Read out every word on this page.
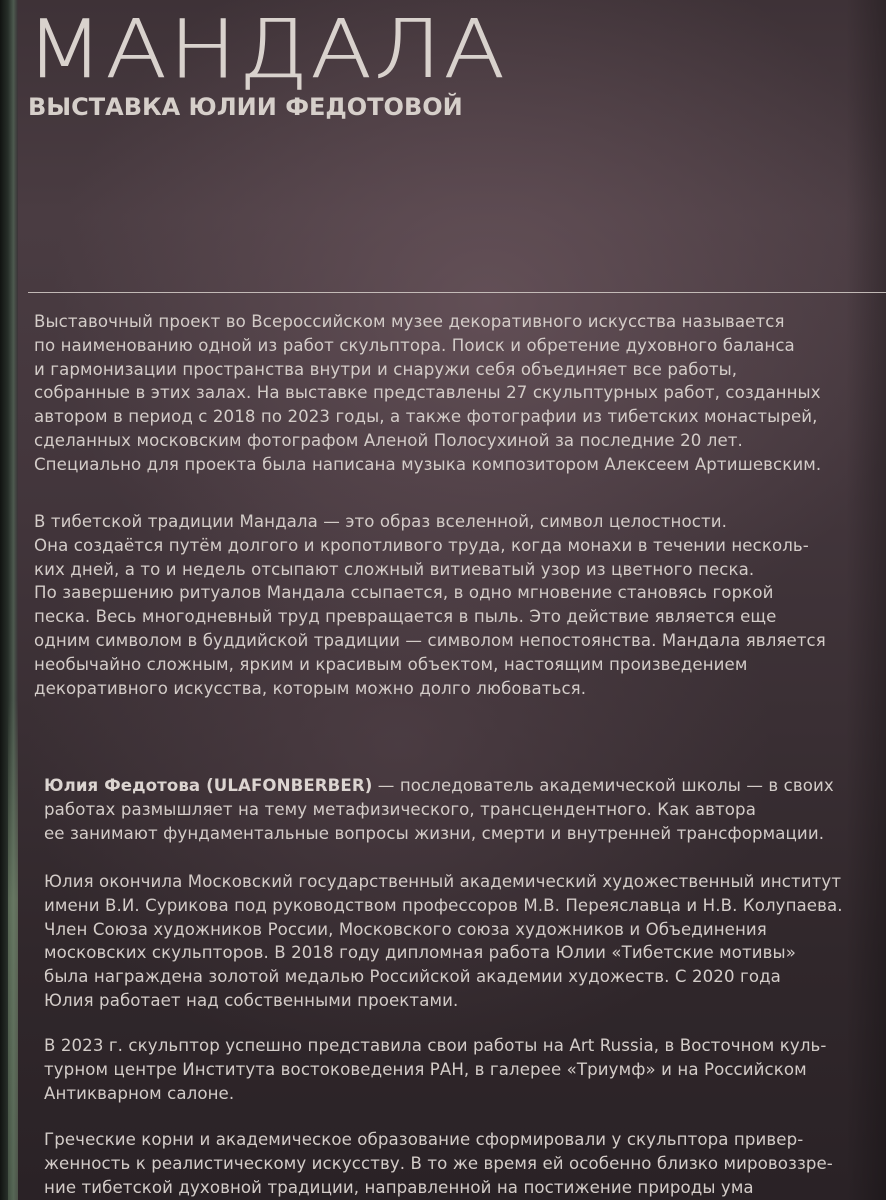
МАНДАЛА
ВЫСТАВКА ЮЛИИ ФЕДОТОВОЙ

Выставочный проект во Всероссийском музее декоративного искусства называется
по наименованию одной из работ скульптора. Поиск и обретение духовного баланса
и гармонизации пространства внутри и снаружи себя объединяет все работы,
собранные в этих залах. На выставке представлены 27 скульптурных работ, созданных
автором в период с 2018 по 2023 годы, а также фотографии из тибетских монастырей,
сделанных московским фотографом Аленой Полосухиной за последние 20 лет.
Специально для проекта была написана музыка композитором Алексеем Артишевским.

В тибетской традиции Мандала — это образ вселенной, символ целостности.
Она создаётся путём долгого и кропотливого труда, когда монахи в течении несколь-
ких дней, а то и недель отсыпают сложный витиеватый узор из цветного песка.
По завершению ритуалов Мандала ссыпается, в одно мгновение становясь горкой
песка. Весь многодневный труд превращается в пыль. Это действие является еще
одним символом в буддийской традиции — символом непостоянства. Мандала является
необычайно сложным, ярким и красивым объектом, настоящим произведением
декоративного искусства, которым можно долго любоваться.

Юлия Федотова (ULAFONBERBER) — последователь академической школы — в своих
работах размышляет на тему метафизического, трансцендентного. Как автора
ее занимают фундаментальные вопросы жизни, смерти и внутренней трансформации.

Юлия окончила Московский государственный академический художественный институт
имени В.И. Сурикова под руководством профессоров М.В. Переяславца и Н.В. Колупаева.
Член Союза художников России, Московского союза художников и Объединения
московских скульпторов. В 2018 году дипломная работа Юлии «Тибетские мотивы»
была награждена золотой медалью Российской академии художеств. С 2020 года
Юлия работает над собственными проектами.

В 2023 г. скульптор успешно представила свои работы на Art Russia, в Восточном куль-
турном центре Института востоковедения РАН, в галерее «Триумф» и на Российском
Антикварном салоне.

Греческие корни и академическое образование сформировали у скульптора привер-
женность к реалистическому искусству. В то же время ей особенно близко мировоззре-
ние тибетской духовной традиции, направленной на постижение природы ума
